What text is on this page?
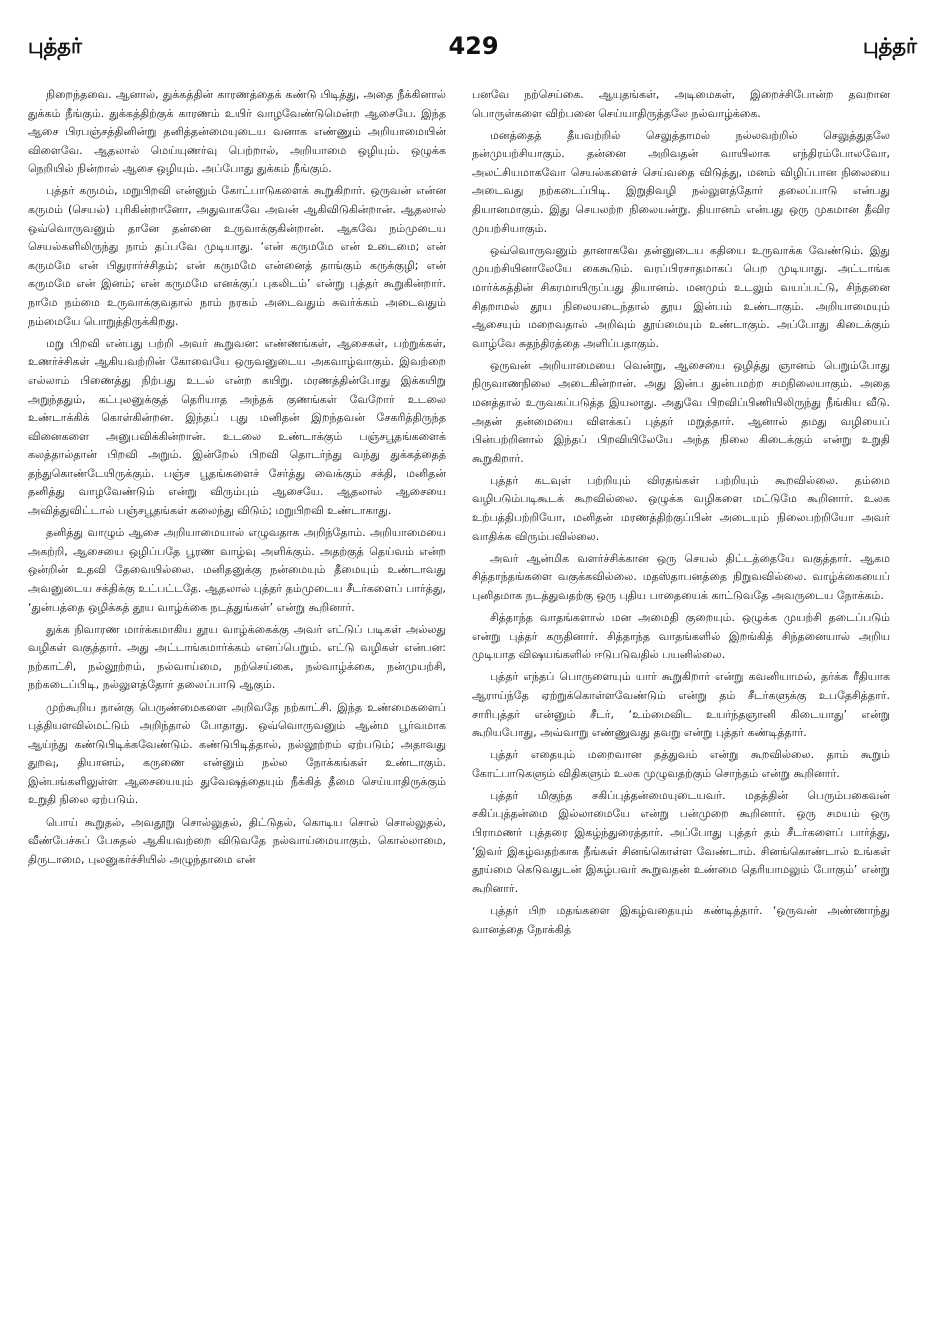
புத்தர்	429	புத்தர்

நிறைந்தவை. ஆனால், துக்கத்தின் காரணத்தைக் கண்டு பிடித்து, அதை நீக்கினால் துக்கம் நீங்கும். துக்கத்திற்குக் காரணம் உயிர் வாழவேண்டுமென்ற ஆசையே. இந்த ஆசை பிரபஞ்சத்தினின்று தனித்தன்மையுடைய வனாக எண்ணும் அறியாமையின் விளைவே. ஆதலால் மெய்யுணர்வு பெற்றால், அறியாமை ஒழியும். ஒழுக்க நெறியில் நின்றால் ஆசை ஒழியும். அப்போது துக்கம் நீங்கும்.

புத்தர் கருமம், மறுபிறவி என்னும் கோட்பாடுகளைக் கூறுகிறார். ஒருவன் என்ன கருமம் (செயல்) புரிகின்றானோ, அதுவாகவே அவன் ஆகிவிடுகின்றான். ஆதலால் ஒவ்வொருவனும் தானே தன்னை உருவாக்குகின்றான். ஆகவே நம்முடைய செயல்களிலிருந்து நாம் தப்பவே முடியாது. ‘என் கருமமே என் உடைமை; என் கருமமே என் பிதுரார்ச்சிதம்; என் கருமமே என்னைத் தாங்கும் கருக்குழி; என் கருமமே என் இனம்; என் கருமமே எனக்குப் புகலிடம்’ என்று புத்தர் கூறுகின்றார். நாமே நம்மை உருவாக்குவதால் நாம் நரகம் அடைவதும் சுவர்க்கம் அடைவதும் நம்மையே பொறுத்திருக்கிறது.

மறு பிறவி என்பது பற்றி அவர் கூறுவன: எண்ணங்கள், ஆசைகள், பற்றுக்கள், உணர்ச்சிகள் ஆகியவற்றின் கோவையே ஒருவனுடைய அகவாழ்வாகும். இவற்றை எல்லாம் பிணைத்து நிற்பது உடல் என்ற கயிறு. மரணத்தின்போது இக்கயிறு அறுந்ததும், கட்புலனுக்குத் தெரியாத அந்தக் குணங்கள் வேறோர் உடலை உண்டாக்கிக் கொள்கின்றன. இந்தப் புது மனிதன் இறந்தவன் சேகரித்திருந்த வினைகளை அனுபவிக்கின்றான். உடலை உண்டாக்கும் பஞ்சபூதங்களைக் கலத்தால்தான் பிறவி அறும். இன்றேல் பிறவி தொடர்ந்து வந்து துக்கத்தைத் தந்துகொண்டேயிருக்கும். பஞ்ச பூதங்களைச் சேர்த்து வைக்கும் சக்தி, மனிதன் தனித்து வாழவேண்டும் என்று விரும்பும் ஆசையே. ஆதலால் ஆசையை அவித்துவிட்டால் பஞ்சபூதங்கள் கலைந்து விடும்; மறுபிறவி உண்டாகாது.

தனித்து வாழும் ஆசை அறியாமையால் எழுவதாக அறிந்தோம். அறியாமையை அகற்றி, ஆசையை ஒழிப்பதே பூரண வாழ்வு அளிக்கும். அதற்குத் தெய்வம் என்ற ஒன்றின் உதவி தேவையில்லை. மனிதனுக்கு நன்மையும் தீமையும் உண்டாவது அவனுடைய சக்திக்கு உட்பட்டதே. ஆதலால் புத்தர் தம்முடைய சீடர்களைப் பார்த்து, ‘துன்பத்தை ஒழிக்கத் தூய வாழ்க்கை நடத்துங்கள்’ என்று கூறினார்.

துக்க நிவாரண மார்க்கமாகிய தூய வாழ்க்கைக்கு அவர் எட்டுப் படிகள் அல்லது வழிகள் வகுத்தார். அது அட்டாங்கமார்க்கம் எனப்பெறும். எட்டு வழிகள் என்பன: நற்காட்சி, நல்லூற்றம், நல்வாய்மை, நற்செய்கை, நல்வாழ்க்கை, நன்முயற்சி, நற்கடைப்பிடி, நல்லுளத்தோர் தலைப்பாடு ஆகும்.

முற்கூறிய நான்கு பெருண்மைகளை அறிவதே நற்காட்சி. இந்த உண்மைகளைப் புத்தியளவில்மட்டும் அறிந்தால் போதாது. ஒவ்வொருவனும் ஆன்ம பூர்வமாக ஆய்ந்து கண்டுபிடிக்கவேண்டும். கண்டுபிடித்தால், நல்லூற்றம் ஏற்படும்; அதாவது துறவு, தியானம், கருணை என்னும் நல்ல நோக்கங்கள் உண்டாகும். இன்பங்களிலுள்ள ஆசையையும் துவேஷத்தையும் நீக்கித் தீமை செய்யாதிருக்கும் உறுதி நிலை ஏற்படும்.

பொய் கூறுதல், அவதூறு சொல்லுதல், திட்டுதல், கொடிய சொல் சொல்லுதல், வீண்பேச்சுப் பேசுதல் ஆகியவற்றை விடுவதே நல்வாய்மையாகும். கொல்லாமை, திருடாமை, புலனுகர்ச்சியில் அழுந்தாமை என்

பனவே நற்செய்கை. ஆயுதங்கள், அடிமைகள், இறைச்சிபோன்ற தவறான பொருள்களை விற்பனை செய்யாதிருத்தலே நல்வாழ்க்கை.

மனத்தைத் தீயவற்றில் செலுத்தாமல் நல்லவற்றில் செலுத்துதலே நன்முயற்சியாகும். தன்னை அறிவதன் வாயிலாக எந்திரம்போலவோ, அலட்சியமாகவோ செயல்களைச் செய்வதை விடுத்து, மனம் விழிப்பான நிலையை அடைவது நற்கடைப்பிடி. இறுதிவழி நல்லுளத்தோர் தலைப்பாடு என்பது தியானமாகும். இது செயலற்ற நிலையன்று. தியானம் என்பது ஒரு முகமான தீவிர முயற்சியாகும்.

ஒவ்வொருவனும் தானாகவே தன்னுடைய கதியை உருவாக்க வேண்டும். இது முயற்சியினாலேயே கைகூடும். வரப்பிரசாதமாகப் பெற முடியாது. அட்டாங்க மார்க்கத்தின் சிகரமாயிருப்பது தியானம். மனமும் உடலும் வயப்பட்டு, சிந்தனை சிதறாமல் தூய நிலையடைந்தால் தூய இன்பம் உண்டாகும். அறியாமையும் ஆசையும் மறைவதால் அறிவும் தூய்மையும் உண்டாகும். அப்போது கிடைக்கும் வாழ்வே சுதந்திரத்தை அளிப்பதாகும்.

ஒருவன் அறியாமையை வென்று, ஆசையை ஒழித்து ஞானம் பெறும்போது நிருவாணநிலை அடைகின்றான். அது இன்ப துன்பமற்ற சமநிலையாகும். அதை மனத்தால் உருவகப்படுத்த இயலாது. அதுவே பிறவிப்பிணியிலிருந்து நீங்கிய வீடு. அதன் தன்மையை விளக்கப் புத்தர் மறுத்தார். ஆனால் தமது வழியைப் பின்பற்றினால் இந்தப் பிறவியிலேயே அந்த நிலை கிடைக்கும் என்று உறுதி கூறுகிறார்.

புத்தர் கடவுள் பற்றியும் விரதங்கள் பற்றியும் கூறவில்லை. தம்மை வழிபடும்படிகூடக் கூறவில்லை. ஒழுக்க வழிகளை மட்டுமே கூறினார். உலக உற்பத்திபற்றியோ, மனிதன் மரணத்திற்குப்பின் அடையும் நிலைபற்றியோ அவர் வாதிக்க விரும்பவில்லை.

அவர் ஆன்மிக வளர்ச்சிக்கான ஒரு செயல் திட்டத்தையே வகுத்தார். ஆகம சித்தாந்தங்களை வகுக்கவில்லை. மதஸ்தாபனத்தை நிறுவவில்லை. வாழ்க்கையைப் புனிதமாக நடத்துவதற்கு ஒரு புதிய பாதையைக் காட்டுவதே அவருடைய நோக்கம்.

சித்தாந்த வாதங்களால் மன அமைதி குறையும். ஒழுக்க முயற்சி தடைப்படும் என்று புத்தர் கருதினார். சித்தாந்த வாதங்களில் இறங்கித் சிந்தனையால் அறிய முடியாத விஷயங்களில் ஈடுபடுவதில் பயனில்லை.

புத்தர் எந்தப் பொருளையும் யார் கூறுகிறார் என்று கவனியாமல், தர்க்க ரீதியாக ஆராய்ந்தே ஏற்றுக்கொள்ளவேண்டும் என்று தம் சீடர்களுக்கு உபதேசித்தார். சாரிபுத்தர் என்னும் சீடர், ‘உம்மைவிட உயர்ந்தஞானி கிடையாது’ என்று கூறியபோது, அவ்வாறு எண்ணுவது தவறு என்று புத்தர் கண்டித்தார்.

புத்தர் எதையும் மறைவான தத்துவம் என்று கூறவில்லை. தாம் கூறும் கோட்பாடுகளும் விதிகளும் உலக முழுவதற்கும் சொந்தம் என்று கூறினார்.

புத்தர் மிகுந்த சகிப்புத்தன்மையுடையவர். மதத்தின் பெரும்பகைவன் சகிப்புத்தன்மை இல்லாமையே என்று பன்முறை கூறினார். ஒரு சமயம் ஒரு பிராமணர் புத்தரை இகழ்ந்துரைத்தார். அப்போது புத்தர் தம் சீடர்களைப் பார்த்து, ‘இவர் இகழ்வதற்காக நீங்கள் சினங்கொள்ள வேண்டாம். சினங்கொண்டால் உங்கள் தூய்மை கெடுவதுடன் இகழ்பவர் கூறுவதன் உண்மை தெரியாமலும் போகும்’ என்று கூறினார்.

புத்தர் பிற மதங்களை இகழ்வதையும் கண்டித்தார். ‘ஒருவன் அண்ணாந்து வானத்தை நோக்கித்
